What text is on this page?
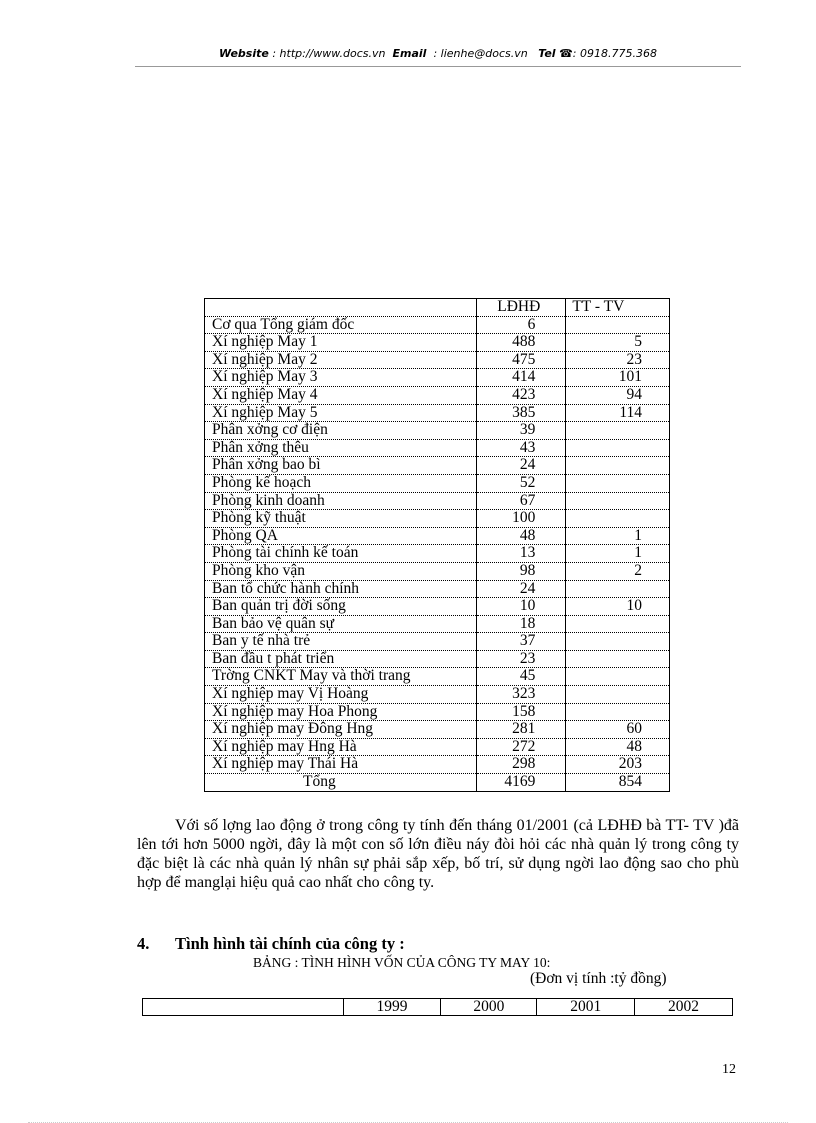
Website : http://www.docs.vn Email : lienhe@docs.vn Tel ☎: 0918.775.368
	LĐHĐ	TT - TV
Cơ qua Tổng giám đốc	6	
Xí nghiệp May 1	488	5
Xí nghiệp May 2	475	23
Xí nghiệp May 3	414	101
Xí nghiệp May 4	423	94
Xí nghiệp May 5	385	114
Phân xởng cơ điện	39	
Phân xởng thêu	43	
Phân xởng bao bì	24	
Phòng kế hoạch	52	
Phòng kinh doanh	67	
Phòng kỹ thuật	100	
Phòng QA	48	1
Phòng tài chính kế toán	13	1
Phòng kho vận	98	2
Ban tổ chức hành chính	24	
Ban quản trị đời sống	10	10
Ban bảo vệ quân sự	18	
Ban y tế nhà trẻ	37	
Ban đầu t phát triển	23	
Trờng CNKT May và thời trang	45	
Xí nghiệp may Vị Hoàng	323	
Xí nghiệp may Hoa Phong	158	
Xí nghiệp may Đông Hng	281	60
Xí nghiệp may Hng Hà	272	48
Xí nghiệp may Thái Hà	298	203
Tổng	4169	854
Với số lợng lao động ở trong công ty tính đến tháng 01/2001 (cả LĐHĐ bà TT- TV )đã lên tới hơn 5000 ngời, đây là một con số lớn điều náy đòi hỏi các nhà quản lý trong công ty đặc biệt là các nhà quản lý nhân sự phải sắp xếp, bố trí, sử dụng ngời lao động sao cho phù hợp để manglại hiệu quả cao nhất cho công ty.
4. Tình hình tài chính của công ty :
BẢNG : TÌNH HÌNH VỐN CỦA CÔNG TY MAY 10:
(Đơn vị tính :tỷ đồng)
	1999	2000	2001	2002
12
